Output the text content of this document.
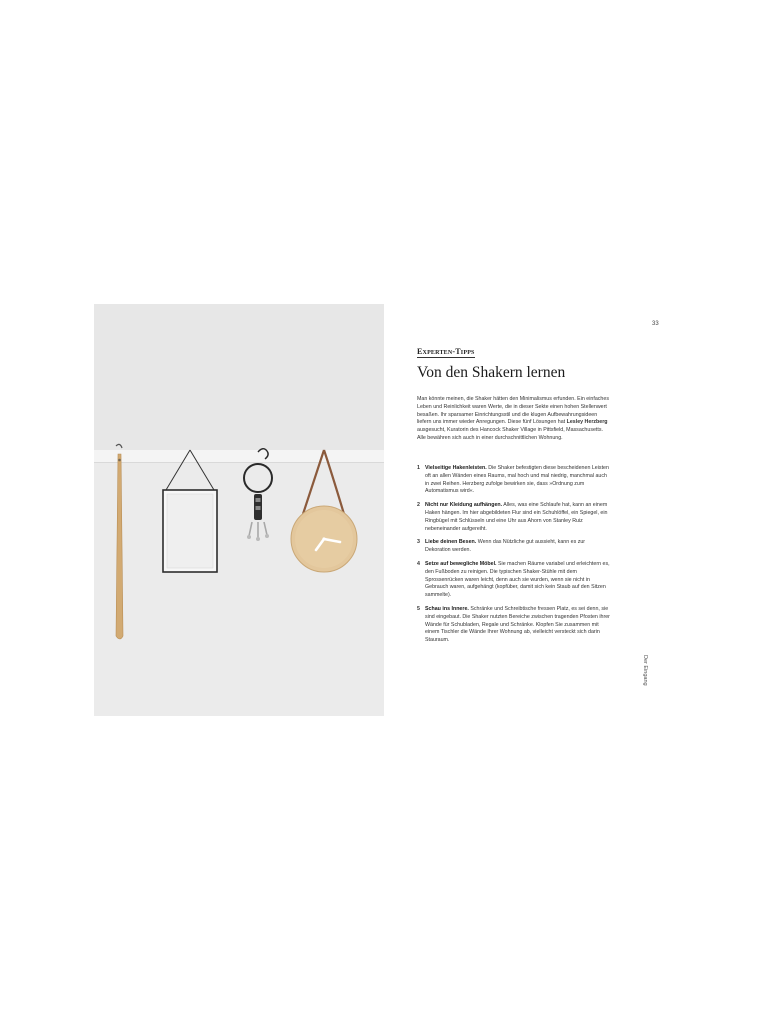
33
Experten-Tipps
Von den Shakern lernen

Man könnte meinen, die Shaker hätten den Minimalismus erfunden. Ein einfaches Leben und Reinlichkeit waren Werte, die in dieser Sekte einen hohen Stellenwert besaßen. Ihr sparsamer Einrichtungsstil und die klugen Aufbewahrungsideen liefern uns immer wieder Anregungen. Diese fünf Lösungen hat Lesley Herzberg ausgesucht, Kuratorin des Hancock Shaker Village in Pittsfield, Massachusetts. Alle bewähren sich auch in einer durchschnittlichen Wohnung.

1 Vielseitige Hakenleisten. Die Shaker befestigten diese bescheidenen Leisten oft an allen Wänden eines Raums, mal hoch und mal niedrig, manchmal auch in zwei Reihen. Herzberg zufolge bewirken sie, dass »Ordnung zum Automatismus wird«.
2 Nicht nur Kleidung aufhängen. Alles, was eine Schlaufe hat, kann an einem Haken hängen. Im hier abgebildeten Flur sind ein Schuhlöffel, ein Spiegel, ein Ringbügel mit Schlüsseln und eine Uhr aus Ahorn von Stanley Ruiz nebeneinander aufgereiht.
3 Liebe deinen Besen. Wenn das Nützliche gut aussieht, kann es zur Dekoration werden.
4 Setze auf bewegliche Möbel. Sie machen Räume variabel und erleichtern es, den Fußboden zu reinigen. Die typischen Shaker-Stühle mit dem Sprossenrücken waren leicht, denn auch sie wurden, wenn sie nicht in Gebrauch waren, aufgehängt (kopfüber, damit sich kein Staub auf den Sitzen sammelte).
5 Schau ins Innere. Schränke und Schreibtische fressen Platz, es sei denn, sie sind eingebaut. Die Shaker nutzten Bereiche zwischen tragenden Pfosten ihrer Wände für Schubladen, Regale und Schränke. Klopfen Sie zusammen mit einem Tischler die Wände Ihrer Wohnung ab, vielleicht versteckt sich darin Stauraum.
Der Eingang
